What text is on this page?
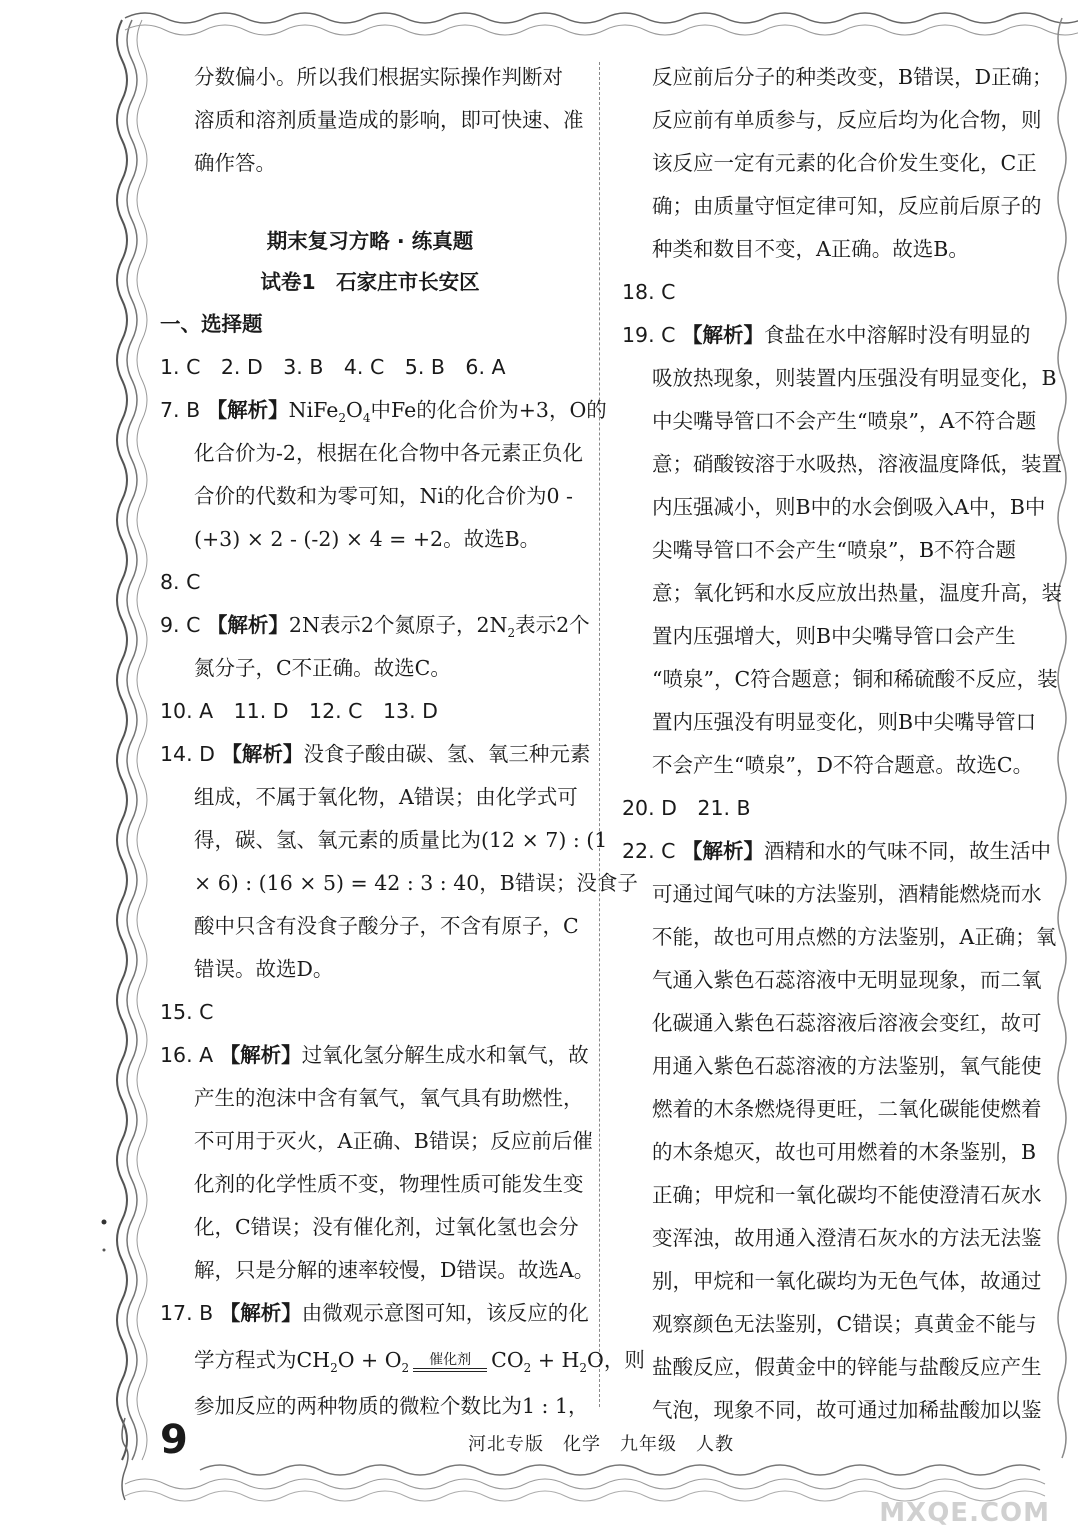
分数偏小。所以我们根据实际操作判断对
溶质和溶剂质量造成的影响，即可快速、准
确作答。
期末复习方略 · 练真题
试卷1　石家庄市长安区
一、选择题
1. C　2. D　3. B　4. C　5. B　6. A
7. B 【解析】$NiFe_2O_4$中Fe的化合价为+3，O的
化合价为-2，根据在化合物中各元素正负化
合价的代数和为零可知，Ni的化合价为0 -
(+3) × 2 - (-2) × 4 = +2。故选B。
8. C
9. C 【解析】2N表示2个氮原子，$2N_2$表示2个
氮分子，C不正确。故选C。
10. A　11. D　12. C　13. D
14. D 【解析】没食子酸由碳、氢、氧三种元素
组成，不属于氧化物，A错误；由化学式可
得，碳、氢、氧元素的质量比为(12 × 7) : (1
× 6) : (16 × 5) = 42 : 3 : 40，B错误；没食子
酸中只含有没食子酸分子，不含有原子，C
错误。故选D。
15. C
16. A 【解析】过氧化氢分解生成水和氧气，故
产生的泡沫中含有氧气，氧气具有助燃性，
不可用于灭火，A正确、B错误；反应前后催
化剂的化学性质不变，物理性质可能发生变
化，C错误；没有催化剂，过氧化氢也会分
解，只是分解的速率较慢，D错误。故选A。
17. B 【解析】由微观示意图可知，该反应的化
学方程式为$CH_2O + O_2$
催化剂 $CO_2 + H_2O$，则
参加反应的两种物质的微粒个数比为1 : 1，
反应前后分子的种类改变，B错误，D正确；
反应前有单质参与，反应后均为化合物，则
该反应一定有元素的化合价发生变化，C正
确；由质量守恒定律可知，反应前后原子的
种类和数目不变，A正确。故选B。
18. C
19. C 【解析】食盐在水中溶解时没有明显的
吸放热现象，则装置内压强没有明显变化，B
中尖嘴导管口不会产生“喷泉”，A不符合题
意；硝酸铵溶于水吸热，溶液温度降低，装置
内压强减小，则B中的水会倒吸入A中，B中
尖嘴导管口不会产生“喷泉”，B不符合题
意；氧化钙和水反应放出热量，温度升高，装
置内压强增大，则B中尖嘴导管口会产生
“喷泉”，C符合题意；铜和稀硫酸不反应，装
置内压强没有明显变化，则B中尖嘴导管口
不会产生“喷泉”，D不符合题意。故选C。
20. D　21. B
22. C 【解析】酒精和水的气味不同，故生活中
可通过闻气味的方法鉴别，酒精能燃烧而水
不能，故也可用点燃的方法鉴别，A正确；氧
气通入紫色石蕊溶液中无明显现象，而二氧
化碳通入紫色石蕊溶液后溶液会变红，故可
用通入紫色石蕊溶液的方法鉴别，氧气能使
燃着的木条燃烧得更旺，二氧化碳能使燃着
的木条熄灭，故也可用燃着的木条鉴别，B
正确；甲烷和一氧化碳均不能使澄清石灰水
变浑浊，故用通入澄清石灰水的方法无法鉴
别，甲烷和一氧化碳均为无色气体，故通过
观察颜色无法鉴别，C错误；真黄金不能与
盐酸反应，假黄金中的锌能与盐酸反应产生
气泡，现象不同，故可通过加稀盐酸加以鉴
9	河北专版　化学　九年级　人教
MXQE.COM
